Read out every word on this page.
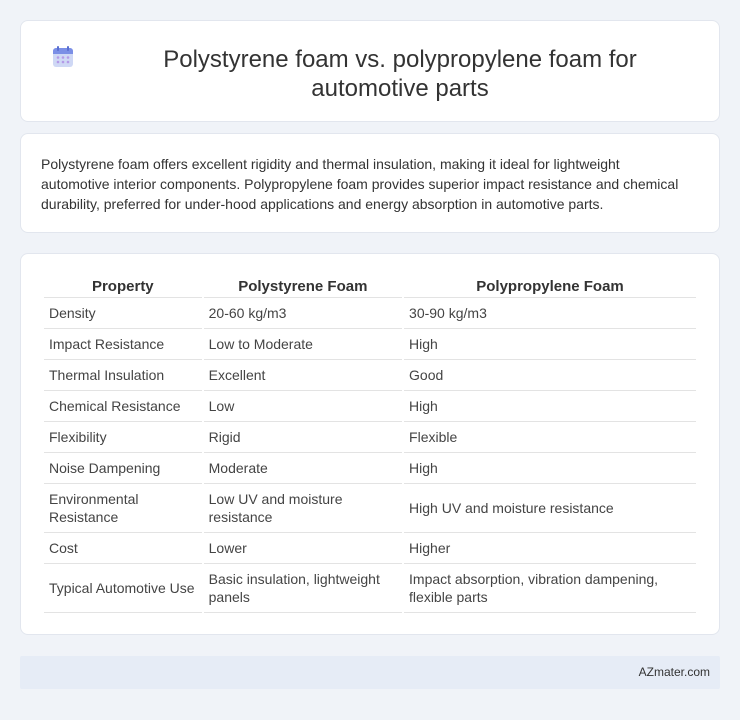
Polystyrene foam vs. polypropylene foam for automotive parts

Polystyrene foam offers excellent rigidity and thermal insulation, making it ideal for lightweight automotive interior components. Polypropylene foam provides superior impact resistance and chemical durability, preferred for under-hood applications and energy absorption in automotive parts.

Property	Polystyrene Foam	Polypropylene Foam
Density	20-60 kg/m3	30-90 kg/m3
Impact Resistance	Low to Moderate	High
Thermal Insulation	Excellent	Good
Chemical Resistance	Low	High
Flexibility	Rigid	Flexible
Noise Dampening	Moderate	High
Environmental Resistance	Low UV and moisture resistance	High UV and moisture resistance
Cost	Lower	Higher
Typical Automotive Use	Basic insulation, lightweight panels	Impact absorption, vibration dampening, flexible parts
AZmater.com
